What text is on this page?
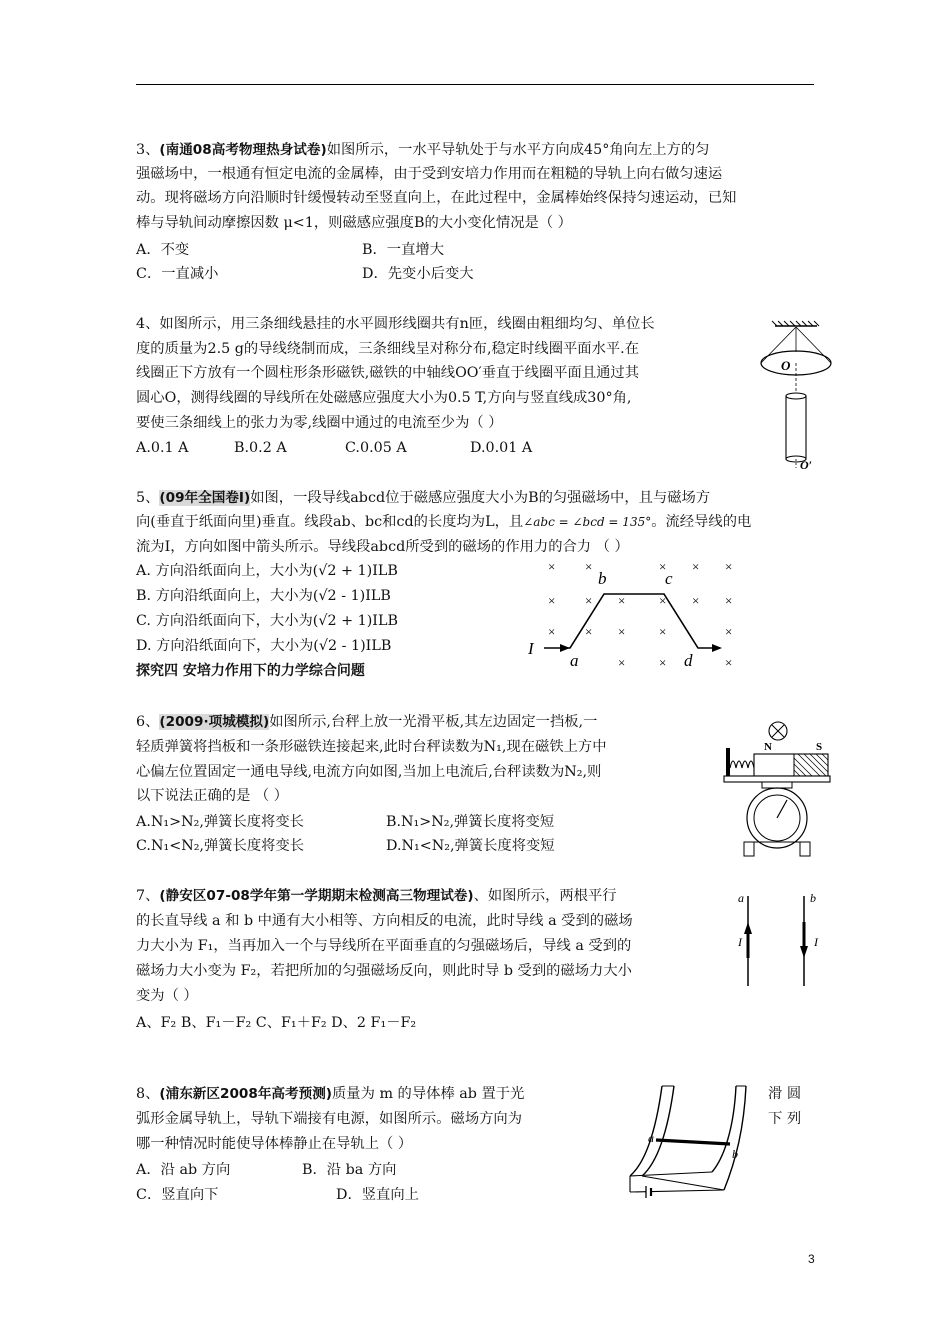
3、(南通08高考物理热身试卷)如图所示，一水平导轨处于与水平方向成45°角向左上方的匀
强磁场中，一根通有恒定电流的金属棒，由于受到安培力作用而在粗糙的导轨上向右做匀速运
动。现将磁场方向沿顺时针缓慢转动至竖直向上，在此过程中，金属棒始终保持匀速运动，已知
棒与导轨间动摩擦因数 μ<1，则磁感应强度B的大小变化情况是（ ）
A．不变	B．一直增大
C．一直减小	D．先变小后变大
4、如图所示，用三条细线悬挂的水平圆形线圈共有n匝，线圈由粗细均匀、单位长
度的质量为2.5 g的导线绕制而成，三条细线呈对称分布,稳定时线圈平面水平.在
线圈正下方放有一个圆柱形条形磁铁,磁铁的中轴线OO′垂直于线圈平面且通过其
圆心O，测得线圈的导线所在处磁感应强度大小为0.5 T,方向与竖直线成30°角,
要使三条细线上的张力为零,线圈中通过的电流至少为（ ）
A.0.1 A	B.0.2 A	C.0.05 A	D.0.01 A
O
O′
5、(09年全国卷Ⅰ)如图，一段导线abcd位于磁感应强度大小为B的匀强磁场中，且与磁场方
向(垂直于纸面向里)垂直。线段ab、bc和cd的长度均为L，且∠abc = ∠bcd = 135°。流经导线的电
流为I，方向如图中箭头所示。导线段abcd所受到的磁场的作用力的合力 （ ）
A. 方向沿纸面向上，大小为(√2 + 1)ILB
B. 方向沿纸面向上，大小为(√2 - 1)ILB
C. 方向沿纸面向下，大小为(√2 + 1)ILB
D. 方向沿纸面向下，大小为(√2 - 1)ILB
× ×	× × ×
× × ×	× × ×
× × ×	×	×
×	×	×
I
a
b	c
d
探究四 安培力作用下的力学综合问题
6、(2009·项城模拟)如图所示,台秤上放一光滑平板,其左边固定一挡板,一
轻质弹簧将挡板和一条形磁铁连接起来,此时台秤读数为N₁,现在磁铁上方中
心偏左位置固定一通电导线,电流方向如图,当加上电流后,台秤读数为N₂,则
以下说法正确的是 （ ）
A.N₁>N₂,弹簧长度将变长	B.N₁>N₂,弹簧长度将变短
C.N₁<N₂,弹簧长度将变长	D.N₁<N₂,弹簧长度将变短
N	S
7、(静安区07-08学年第一学期期末检测高三物理试卷)、如图所示，两根平行
的长直导线 a 和 b 中通有大小相等、方向相反的电流，此时导线 a 受到的磁场
力大小为 F₁，当再加入一个与导线所在平面垂直的匀强磁场后，导线 a 受到的
磁场力大小变为 F₂，若把所加的匀强磁场反向，则此时导 b 受到的磁场力大小
变为（ ）
A、F₂ B、F₁－F₂ C、F₁＋F₂ D、2 F₁－F₂
a	b
I	I
8、(浦东新区2008年高考预测)质量为 m 的导体棒 ab 置于光	滑 圆
弧形金属导轨上，导轨下端接有电源，如图所示。磁场方向为	下 列
哪一种情况时能使导体棒静止在导轨上（ ）
A．沿 ab 方向	B．沿 ba 方向
C．竖直向下	D．竖直向上
a
b
3
